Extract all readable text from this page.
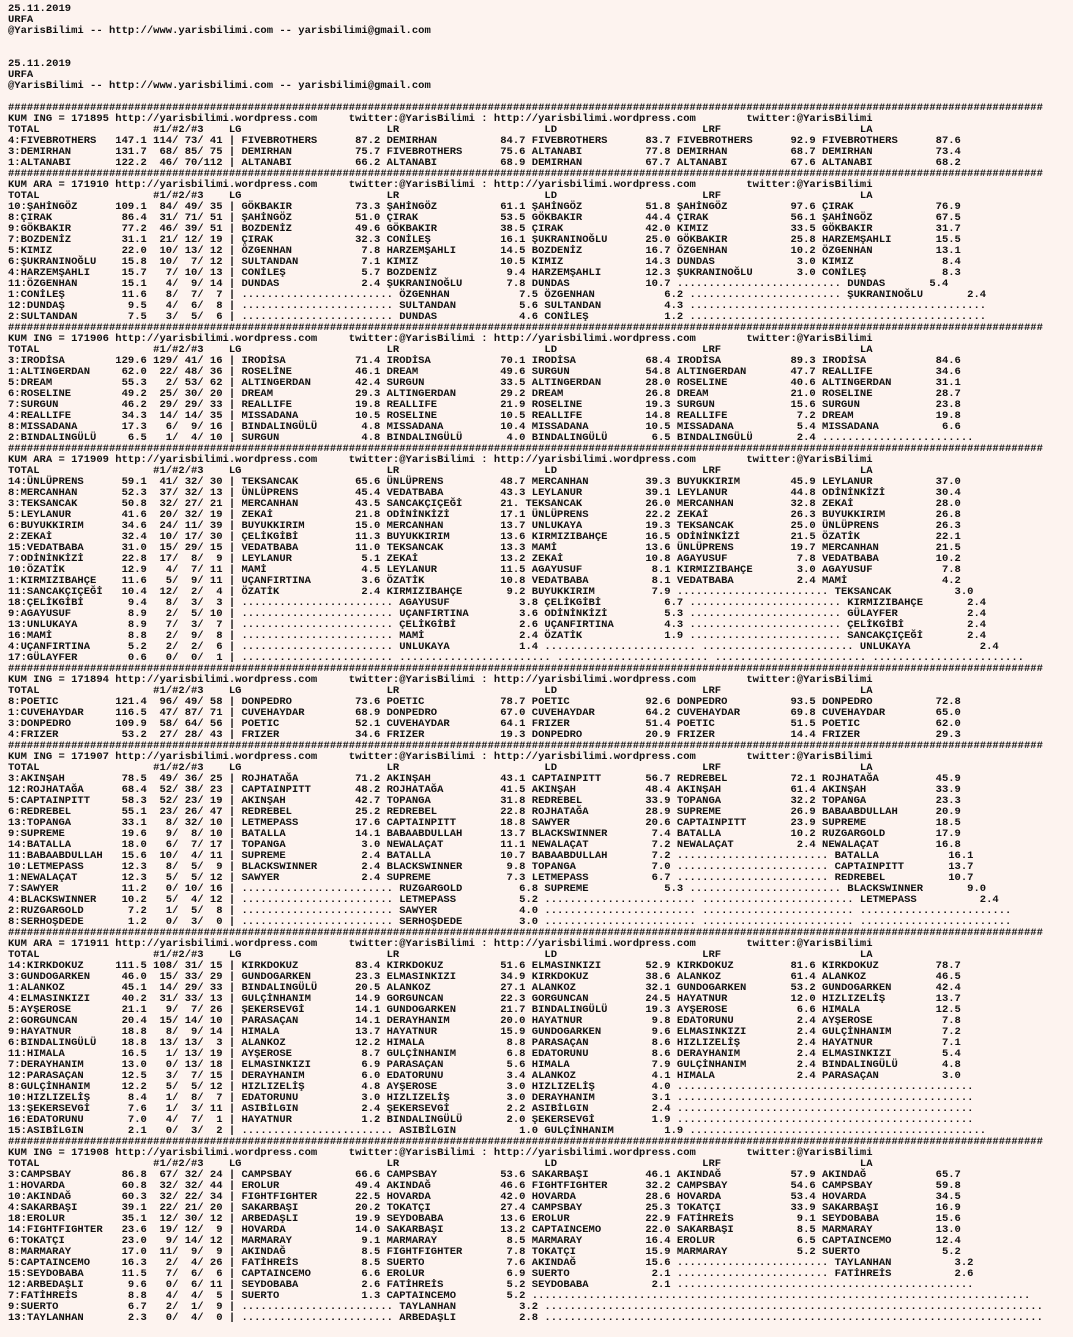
25.11.2019
URFA
@YarisBilimi -- http://www.yarisbilimi.com -- yarisbilimi@gmail.com

25.11.2019
URFA
@YarisBilimi -- http://www.yarisbilimi.com -- yarisbilimi@gmail.com

####################################################################################################################################################################
KUM ING = 171895 http://yarisbilimi.wordpress.com     twitter:@YarisBilimi : http://yarisbilimi.wordpress.com        twitter:@YarisBilimi
TOTAL                  #1/#2/#3    LG                       LR                       LD                       LRF                      LA
4:FIVEBROTHERS   147.1 114/ 73/ 41 | FIVEBROTHERS      87.2 DEMIRHAN          84.7 FIVEBROTHERS      83.7 FIVEBROTHERS      92.9 FIVEBROTHERS      87.6
3:DEMIRHAN       131.7  68/ 85/ 75 | DEMIRHAN          75.7 FIVEBROTHERS      75.6 ALTANABI          77.8 DEMIRHAN          68.7 DEMIRHAN          73.4
1:ALTANABI       122.2  46/ 70/112 | ALTANABI          66.2 ALTANABI          68.9 DEMIRHAN          67.7 ALTANABI          67.6 ALTANABI          68.2
####################################################################################################################################################################
KUM ARA = 171910 http://yarisbilimi.wordpress.com     twitter:@YarisBilimi : http://yarisbilimi.wordpress.com        twitter:@YarisBilimi
TOTAL                  #1/#2/#3    LG                       LR                       LD                       LRF                      LA
10:ŞAHİNGÖZ      109.1  84/ 49/ 35 | GÖKBAKIR          73.3 ŞAHİNGÖZ          61.1 ŞAHİNGÖZ          51.8 ŞAHİNGÖZ          97.6 ÇIRAK             76.9
8:ÇIRAK           86.4  31/ 71/ 51 | ŞAHİNGÖZ          51.0 ÇIRAK             53.5 GÖKBAKIR          44.4 ÇIRAK             56.1 ŞAHİNGÖZ          67.5
9:GÖKBAKIR        77.2  46/ 39/ 51 | BOZDENİZ          49.6 GÖKBAKIR          38.5 ÇIRAK             42.0 KIMIZ             33.5 GÖKBAKIR          31.7
7:BOZDENİZ        31.1  21/ 12/ 19 | ÇIRAK             32.3 CONİLEŞ           16.1 ŞUKRANINOĞLU      25.0 GÖKBAKIR          25.8 HARZEMŞAHLI       15.5
5:KIMIZ           22.0  10/ 13/ 12 | ÖZGENHAN           7.8 HARZEMŞAHLI       14.5 BOZDENİZ          16.7 ÖZGENHAN          10.2 ÖZGENHAN          13.1
6:ŞUKRANINOĞLU    15.8  10/  7/ 12 | SULTANDAN          7.1 KIMIZ             10.5 KIMIZ             14.3 DUNDAS             3.0 KIMIZ              8.4
4:HARZEMŞAHLI     15.7   7/ 10/ 13 | CONİLEŞ            5.7 BOZDENİZ           9.4 HARZEMŞAHLI       12.3 ŞUKRANINOĞLU       3.0 CONİLEŞ            8.3
11:ÖZGENHAN       15.1   4/  9/ 14 | DUNDAS             2.4 ŞUKRANINOĞLU       7.8 DUNDAS            10.7 .......................... DUNDAS       5.4
1:CONİLEŞ         11.6   8/  7/  7 | ........................ ÖZGENHAN           7.5 ÖZGENHAN           6.2 ........................ ŞUKRANINOĞLU       2.4
12:DUNDAŞ          9.5   4/  6/  8 | ........................ SULTANDAN          5.6 SULTANDAN          4.3 ...............................................
2:SULTANDAN        7.5   3/  5/  6 | ........................ DUNDAS             4.6 CONİLEŞ            1.2 ...............................................
####################################################################################################################################################################
KUM ING = 171906 http://yarisbilimi.wordpress.com     twitter:@YarisBilimi : http://yarisbilimi.wordpress.com        twitter:@YarisBilimi
TOTAL                  #1/#2/#3    LG                       LR                       LD                       LRF                      LA
3:IRODİSA        129.6 129/ 41/ 16 | IRODİSA           71.4 IRODİSA           70.1 IRODİSA           68.4 IRODİSA           89.3 IRODİSA           84.6
1:ALTINGERDAN     62.0  22/ 48/ 36 | ROSELİNE          46.1 DREAM             49.6 SURGUN            54.8 ALTINGERDAN       47.7 REALLIFE          34.6
5:DREAM           55.3   2/ 53/ 62 | ALTINGERDAN       42.4 SURGUN            33.5 ALTINGERDAN       28.0 ROSELINE          40.6 ALTINGERDAN       31.1
6:ROSELINE        49.2  25/ 30/ 20 | DREAM             29.3 ALTINGERDAN       29.2 DREAM             26.8 DREAM             21.0 ROSELINE          28.7
7:SURGUN          46.2  29/ 29/ 33 | REALLIFE          19.8 REALLIFE          21.9 ROSELINE          19.3 SURGUN            15.6 SURGUN            23.8
4:REALLIFE        34.3  14/ 14/ 35 | MISSADANA         10.5 ROSELINE          10.5 REALLIFE          14.8 REALLIFE           7.2 DREAM             19.8
8:MISSADANA       17.3   6/  9/ 16 | BINDALINGÜLÜ       4.8 MISSADANA         10.4 MISSADANA         10.5 MISSADANA          5.4 MISSADANA          6.6
2:BINDALINGÜLÜ     6.5   1/  4/ 10 | SURGUN             4.8 BINDALINGÜLÜ       4.0 BINDALINGÜLÜ       6.5 BINDALINGÜLÜ       2.4 ........................
####################################################################################################################################################################
KUM ARA = 171909 http://yarisbilimi.wordpress.com     twitter:@YarisBilimi : http://yarisbilimi.wordpress.com        twitter:@YarisBilimi
TOTAL                  #1/#2/#3    LG                       LR                       LD                       LRF                      LA
14:ÜNLÜPRENS      59.1  41/ 32/ 30 | TEKSANCAK         65.6 ÜNLÜPRENS         48.7 MERCANHAN         39.3 BUYUKKIRIM        45.9 LEYLANUR          37.0
8:MERCANHAN       52.3  37/ 32/ 13 | ÜNLÜPRENS         45.4 VEDATBABA         43.3 LEYLANUR          39.1 LEYLANUR          44.8 ODİNİNKİZİ        30.4
3:TEKSANCAK       50.8  32/ 27/ 21 | MERCANHAN         43.5 SANCAKÇIÇEĞİ      21. TEKSANCAK          26.0 MERCANHAN         32.8 ZEKAİ             28.0
5:LEYLANUR        41.6  20/ 32/ 19 | ZEKAİ             21.8 ODİNİNKİZİ        17.1 ÜNLÜPRENS         22.2 ZEKAİ             26.3 BUYUKKIRIM        26.8
6:BUYUKKIRIM      34.6  24/ 11/ 39 | BUYUKKIRIM        15.0 MERCANHAN         13.7 UNLUKAYA          19.3 TEKSANCAK         25.0 ÜNLÜPRENS         26.3
2:ZEKAİ           32.4  10/ 17/ 30 | ÇELİKGİBİ         11.3 BUYUKKIRIM        13.6 KIRMIZIBAHÇE      16.5 ODİNİNKİZİ        21.5 ÖZATİK            22.1
15:VEDATBABA      31.0  15/ 29/ 15 | VEDATBABA         11.0 TEKSANCAK         13.3 MAMİ              13.6 ÜNLÜPRENS         19.7 MERCANHAN         21.5
7:ODİNİNKİZİ      22.8  17/  8/  9 | LEYLANUR           5.1 ZEKAİ             13.2 ZEKAİ             10.8 AGAYUSUF           7.8 VEDATBABA         10.2
10:ÖZATİK         12.9   4/  7/ 11 | MAMİ               4.5 LEYLANUR          11.5 AGAYUSUF           8.1 KIRMIZIBAHÇE       3.0 AGAYUSUF           7.8
1:KIRMIZIBAHÇE    11.6   5/  9/ 11 | UÇANFIRTINA        3.6 ÖZATİK            10.8 VEDATBABA          8.1 VEDATBABA          2.4 MAMİ               4.2
11:SANCAKÇIÇEĞİ   10.4  12/  2/  4 | ÖZATİK             2.4 KIRMIZIBAHÇE       9.2 BUYUKKIRIM         7.9 ........................ TEKSANCAK          3.0
18:ÇELİKGİBİ       9.4   8/  3/  3 | ........................ AGAYUSUF           3.8 ÇELİKGİBİ          6.7 ........................ KIRMIZIBAHÇE       2.4
9:AGAYUSUF         8.9   2/  5/ 10 | ........................ UÇANFIRTINA        3.6 ODİNİNKİZİ         5.3 ........................ GÜLAYFER           2.4
13:UNLUKAYA        8.9   7/  3/  7 | ........................ ÇELİKGİBİ          2.6 UÇANFIRTINA        4.3 ........................ ÇELİKGİBİ          2.4
16:MAMİ            8.8   2/  9/  8 | ........................ MAMİ               2.4 ÖZATİK             1.9 ........................ SANCAKÇIÇEĞİ       2.4
4:UÇANFIRTINA      5.2   2/  2/  6 | ........................ UNLUKAYA           1.4 ........................ ........................ UNLUKAYA           2.4
17:GÜLAYFER        0.6   0/  0/  1 | ........................ ........................ ........................ ........................ ........................
####################################################################################################################################################################
KUM ING = 171894 http://yarisbilimi.wordpress.com     twitter:@YarisBilimi : http://yarisbilimi.wordpress.com        twitter:@YarisBilimi
TOTAL                  #1/#2/#3    LG                       LR                       LD                       LRF                      LA
8:POETIC         121.4  96/ 49/ 58 | DONPEDRO          73.6 POETIC            78.7 POETIC            92.6 DONPEDRO          93.5 DONPEDRO          72.8
1:CUVEHAYDAR     116.5  47/ 87/ 71 | CUVEHAYDAR        68.9 DONPEDRO          67.0 CUVEHAYDAR        64.2 CUVEHAYDAR        69.8 CUVEHAYDAR        65.0
3:DONPEDRO       109.9  58/ 64/ 56 | POETIC            52.1 CUVEHAYDAR        64.1 FRIZER            51.4 POETIC            51.5 POETIC            62.0
4:FRIZER          53.2  27/ 28/ 43 | FRIZER            34.6 FRIZER            19.3 DONPEDRO          20.9 FRIZER            14.4 FRIZER            29.3
####################################################################################################################################################################
KUM ING = 171907 http://yarisbilimi.wordpress.com     twitter:@YarisBilimi : http://yarisbilimi.wordpress.com        twitter:@YarisBilimi
TOTAL                  #1/#2/#3    LG                       LR                       LD                       LRF                      LA
3:AKINŞAH         78.5  49/ 36/ 25 | ROJHATAĞA         71.2 AKINŞAH           43.1 CAPTAINPITT       56.7 REDREBEL          72.1 ROJHATAĞA         45.9
12:ROJHATAĞA      68.4  52/ 38/ 23 | CAPTAINPITT       48.2 ROJHATAĞA         41.5 AKINŞAH           48.4 AKINŞAH           61.4 AKINŞAH           33.9
5:CAPTAINPITT     58.3  52/ 23/ 19 | AKINŞAH           42.7 TOPANGA           31.8 REDREBEL          33.9 TOPANGA           32.2 TOPANGA           23.3
6:REDREBEL        55.1  23/ 26/ 47 | REDREBEL          25.2 REDREBEL          22.8 ROJHATAĞA         28.9 SUPREME           26.9 BABAABDULLAH      20.9
13:TOPANGA        33.1   8/ 32/ 10 | LETMEPASS         17.6 CAPTAINPITT       18.8 SAWYER            20.6 CAPTAINPITT       23.9 SUPREME           18.5
9:SUPREME         19.6   9/  8/ 10 | BATALLA           14.1 BABAABDULLAH      13.7 BLACKSWINNER       7.4 BATALLA           10.2 RUZGARGOLD        17.9
14:BATALLA        18.0   6/  7/ 17 | TOPANGA            3.0 NEWALAÇAT         11.1 NEWALAÇAT          7.2 NEWALAÇAT          2.4 NEWALAÇAT         16.8
11:BABAABDULLAH   15.6  10/  4/ 11 | SUPREME            2.4 BATALLA           10.7 BABAABDULLAH       7.2 ........................ BATALLA           16.1
10:LETMEPASS      12.3   8/  5/  9 | BLACKSWINNER       2.4 BLACKSWINNER       9.8 TOPANGA            7.0 ........................ CAPTAINPITT       13.7
1:NEWALAÇAT       12.3   5/  5/ 12 | SAWYER             2.4 SUPREME            7.3 LETMEPASS          6.7 ........................ REDREBEL          10.7
7:SAWYER          11.2   0/ 10/ 16 | ........................ RUZGARGOLD         6.8 SUPREME            5.3 ........................ BLACKSWINNER       9.0
4:BLACKSWINNER    10.2   5/  4/ 12 | ........................ LETMEPASS          5.2 ........................ ........................ LETMEPASS          2.4
2:RUZGARGOLD       7.2   1/  5/  8 | ........................ SAWYER             4.0 ........................ ........................ ........................
8:SERHOŞDEDE       1.2   0/  3/  0 | ........................ SERHOŞDEDE         3.0 ........................ ........................ ........................
####################################################################################################################################################################
KUM ARA = 171911 http://yarisbilimi.wordpress.com     twitter:@YarisBilimi : http://yarisbilimi.wordpress.com        twitter:@YarisBilimi
TOTAL                  #1/#2/#3    LG                       LR                       LD                       LRF                      LA
14:KIRKDOKUZ     111.5 108/ 31/ 15 | KIRKDOKUZ         83.4 KIRKDOKUZ         51.6 ELMASINKIZI       52.9 KIRKDOKUZ         81.6 KIRKDOKUZ         78.7
3:GUNDOGARKEN     46.0  15/ 33/ 29 | GUNDOGARKEN       23.3 ELMASINKIZI       34.9 KIRKDOKUZ         38.6 ALANKOZ           61.4 ALANKOZ           46.5
1:ALANKOZ         45.1  14/ 29/ 33 | BINDALINGÜLÜ      20.5 ALANKOZ           27.1 ALANKOZ           32.1 GUNDOGARKEN       53.2 GUNDOGARKEN       42.4
4:ELMASINKIZI     40.2  31/ 33/ 13 | GULÇİNHANIM       14.9 GORGUNCAN         22.3 GORGUNCAN         24.5 HAYATNUR          12.0 HIZLIZELİŞ        13.7
5:AYŞEROSE        21.1   9/  7/ 26 | ŞEKERSEVGİ        14.1 GUNDOGARKEN       21.7 BINDALINGÜLÜ      19.3 AYŞEROSE           6.6 HIMALA            12.5
2:GORGUNCAN       20.4  15/ 14/ 10 | PARASAÇAN         14.1 DERAYHANIM        20.0 HAYATNUR           9.8 EDATORUNU          2.4 AYŞEROSE           7.8
9:HAYATNUR        18.8   8/  9/ 14 | HIMALA            13.7 HAYATNUR          15.9 GUNDOGARKEN        9.6 ELMASINKIZI        2.4 GULÇİNHANIM        7.2
6:BINDALINGÜLÜ    18.8  13/ 13/  3 | ALANKOZ           12.2 HIMALA             8.8 PARASAÇAN          8.6 HIZLIZELİŞ         2.4 HAYATNUR           7.1
11:HIMALA         16.5   1/ 13/ 19 | AYŞEROSE           8.7 GULÇİNHANIM        6.8 EDATORUNU          8.6 DERAYHANIM         2.4 ELMASINKIZI        5.4
7:DERAYHANIM      13.0   0/ 13/ 18 | ELMASINKIZI        6.9 PARASAÇAN          5.6 HIMALA             7.9 GULÇİNHANIM        2.4 BINDALINGÜLÜ       4.8
12:PARASAÇAN      12.5   3/  7/ 15 | DERAYHANIM         6.0 EDATORUNU          3.4 ALANKOZ            4.1 HIMALA             2.4 PARASAÇAN          3.0
8:GULÇİNHANIM     12.2   5/  5/ 12 | HIZLIZELİŞ         4.8 AYŞEROSE           3.0 HIZLIZELİŞ         4.0 ...............................................
10:HIZLIZELİŞ      8.4   1/  8/  7 | EDATORUNU          3.0 HIZLIZELİŞ         3.0 DERAYHANIM         3.1 ...............................................
13:ŞEKERSEVGİ      7.6   1/  3/ 11 | ASIBİLGIN          2.4 ŞEKERSEVGİ         2.2 ASIBİLGIN          2.4 ...............................................
16:EDATORUNU       7.0   4/  7/  1 | HAYATNUR           1.2 BINDALINGÜLÜ       2.0 ŞEKERSEVGİ         1.9 ...............................................
15:ASIBİLGIN       2.1   0/  3/  2 | ........................ ASIBİLGIN          1.0 GULÇİNHANIM        1.9 ...............................................
####################################################################################################################################################################
KUM ING = 171908 http://yarisbilimi.wordpress.com     twitter:@YarisBilimi : http://yarisbilimi.wordpress.com        twitter:@YarisBilimi
TOTAL                  #1/#2/#3    LG                       LR                       LD                       LRF                      LA
3:CAMPSBAY        86.8  67/ 32/ 24 | CAMPSBAY          66.6 CAMPSBAY          53.6 SAKARBAŞI         46.1 AKINDAĞ           57.9 AKINDAĞ           65.7
1:HOVARDA         60.8  32/ 32/ 44 | EROLUR            49.4 AKINDAĞ           46.6 FIGHTFIGHTER      32.2 CAMPSBAY          54.6 CAMPSBAY          59.8
10:AKINDAĞ        60.3  32/ 22/ 34 | FIGHTFIGHTER      22.5 HOVARDA           42.0 HOVARDA           28.6 HOVARDA           53.4 HOVARDA           34.5
4:SAKARBAŞI       39.1  22/ 21/ 20 | SAKARBAŞI         20.2 TOKATÇI           27.4 CAMPSBAY          25.3 TOKATÇI           33.9 SAKARBAŞI         16.9
18:EROLUR         35.1  12/ 30/ 12 | ARBEDAŞLI         19.9 SEYDOBABA         13.6 EROLUR            22.9 FATİHREİS          9.1 SEYDOBABA         15.6
14:FIGHTFIGHTER   23.6  19/ 12/  9 | HOVARDA           14.0 SAKARBAŞI         13.2 CAPTAINCEMO       22.0 SAKARBAŞI          8.5 MARMARAY          13.0
6:TOKATÇI         23.0   9/ 14/ 12 | MARMARAY           9.1 MARMARAY           8.5 MARMARAY          16.4 EROLUR             6.5 CAPTAINCEMO       12.4
8:MARMARAY        17.0  11/  9/  9 | AKINDAĞ            8.5 FIGHTFIGHTER       7.8 TOKATÇI           15.9 MARMARAY           5.2 SUERTO             5.2
5:CAPTAINCEMO     16.3   2/  4/ 26 | FATİHREİS          8.5 SUERTO             7.6 AKINDAĞ           15.6 ........................ TAYLANHAN          3.2
15:SEYDOBABA      11.5   7/  6/  6 | CAPTAINCEMO        6.6 EROLUR             6.9 SUERTO             2.1 ........................ FATİHREİS          2.6
12:ARBEDAŞLI       9.6   0/  6/ 11 | SEYDOBABA          2.6 FATİHREİS          5.2 SEYDOBABA          2.1 ...............................................
7:FATİHREİS        8.8   4/  4/  5 | SUERTO             1.3 CAPTAINCEMO        5.2 ...............................................................................
9:SUERTO           6.7   2/  1/  9 | ........................ TAYLANHAN          3.2 ...............................................................................
13:TAYLANHAN       2.3   0/  4/  0 | ........................ ARBEDAŞLI          2.8 ...............................................................................
